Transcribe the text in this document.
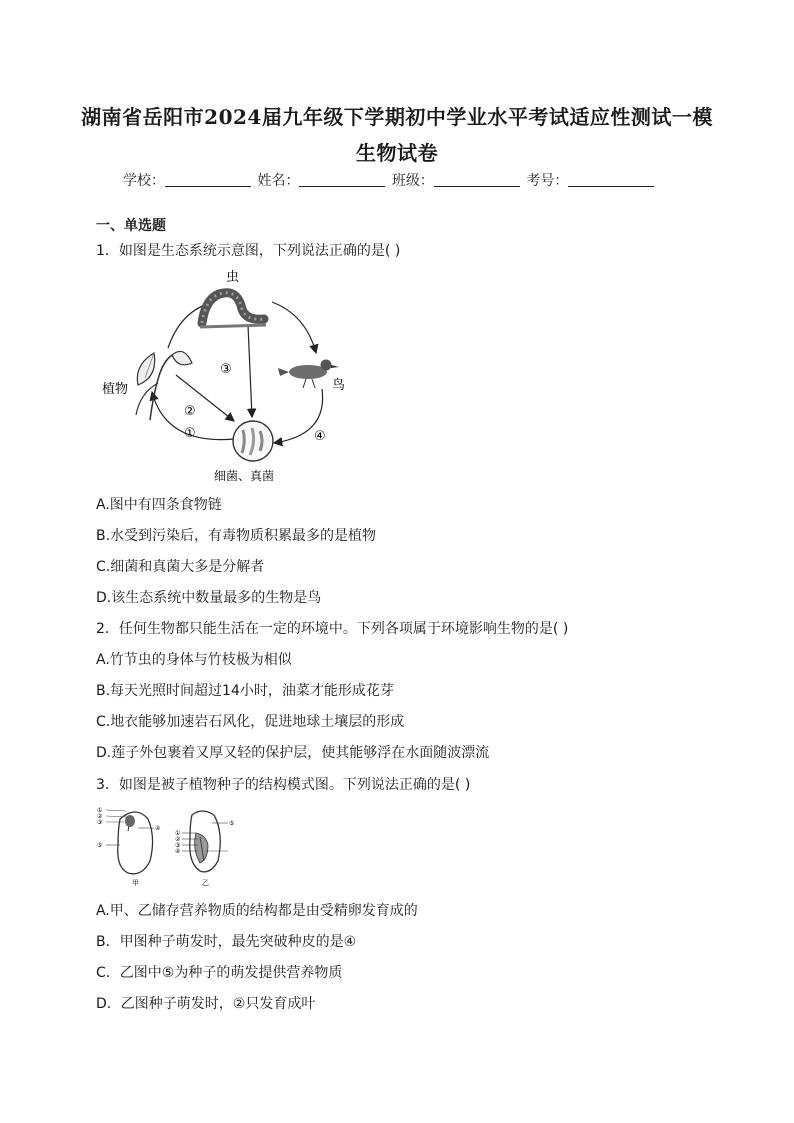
湖南省岳阳市2024届九年级下学期初中学业水平考试适应性测试一模
生物试卷
学校：	姓名：	班级：	考号：
一、单选题
1．如图是生态系统示意图，下列说法正确的是( )
虫
鸟
植物
细菌、真菌
③
②
①	④
A.图中有四条食物链
B.水受到污染后，有毒物质积累最多的是植物
C.细菌和真菌大多是分解者
D.该生态系统中数量最多的生物是鸟
2．任何生物都只能生活在一定的环境中。下列各项属于环境影响生物的是( )
A.竹节虫的身体与竹枝极为相似
B.每天光照时间超过14小时，油菜才能形成花芽
C.地衣能够加速岩石风化，促进地球土壤层的形成
D.莲子外包裹着又厚又轻的保护层，使其能够浮在水面随波漂流
3．如图是被子植物种子的结构模式图。下列说法正确的是( )
①
②
③
④
⑤
甲
①
②
③
④
⑤
乙
A.甲、乙储存营养物质的结构都是由受精卵发育成的
B．甲图种子萌发时，最先突破种皮的是④
C．乙图中⑤为种子的萌发提供营养物质
D．乙图种子萌发时，②只发育成叶
